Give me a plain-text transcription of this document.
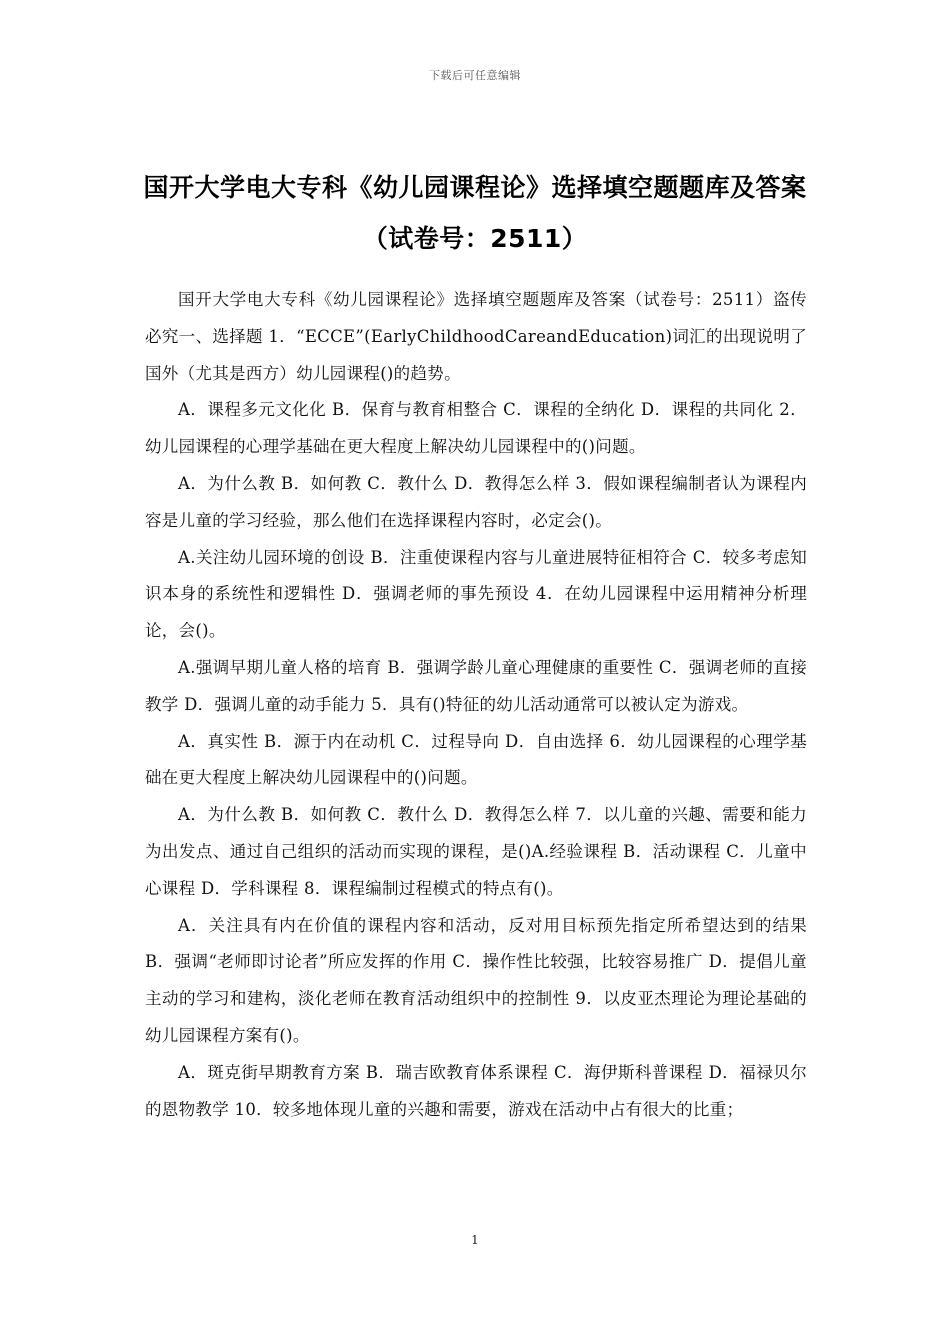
下载后可任意编辑
国开大学电大专科《幼儿园课程论》选择填空题题库及答案（试卷号：2511）

国开大学电大专科《幼儿园课程论》选择填空题题库及答案（试卷号：2511）盗传必究一、选择题 1．“ECCE”(EarlyChildhoodCareandEducation)词汇的出现说明了国外（尤其是西方）幼儿园课程()的趋势。

A．课程多元文化化 B．保育与教育相整合 C．课程的全纳化 D．课程的共同化 2．幼儿园课程的心理学基础在更大程度上解决幼儿园课程中的()问题。

A．为什么教 B．如何教 C．教什么 D．教得怎么样 3．假如课程编制者认为课程内容是儿童的学习经验，那么他们在选择课程内容时，必定会()。

A.关注幼儿园环境的创设 B．注重使课程内容与儿童进展特征相符合 C．较多考虑知识本身的系统性和逻辑性 D．强调老师的事先预设 4．在幼儿园课程中运用精神分析理论，会()。

A.强调早期儿童人格的培育 B．强调学龄儿童心理健康的重要性 C．强调老师的直接教学 D．强调儿童的动手能力 5．具有()特征的幼儿活动通常可以被认定为游戏。

A．真实性 B．源于内在动机 C．过程导向 D．自由选择 6．幼儿园课程的心理学基础在更大程度上解决幼儿园课程中的()问题。

A．为什么教 B．如何教 C．教什么 D．教得怎么样 7．以儿童的兴趣、需要和能力为出发点、通过自己组织的活动而实现的课程，是()A.经验课程 B．活动课程 C．儿童中心课程 D．学科课程 8．课程编制过程模式的特点有()。

A．关注具有内在价值的课程内容和活动，反对用目标预先指定所希望达到的结果 B．强调“老师即讨论者”所应发挥的作用 C．操作性比较强，比较容易推广 D．提倡儿童主动的学习和建构，淡化老师在教育活动组织中的控制性 9．以皮亚杰理论为理论基础的幼儿园课程方案有()。

A．斑克街早期教育方案 B．瑞吉欧教育体系课程 C．海伊斯科普课程 D．福禄贝尔的恩物教学 10．较多地体现儿童的兴趣和需要，游戏在活动中占有很大的比重；

1
